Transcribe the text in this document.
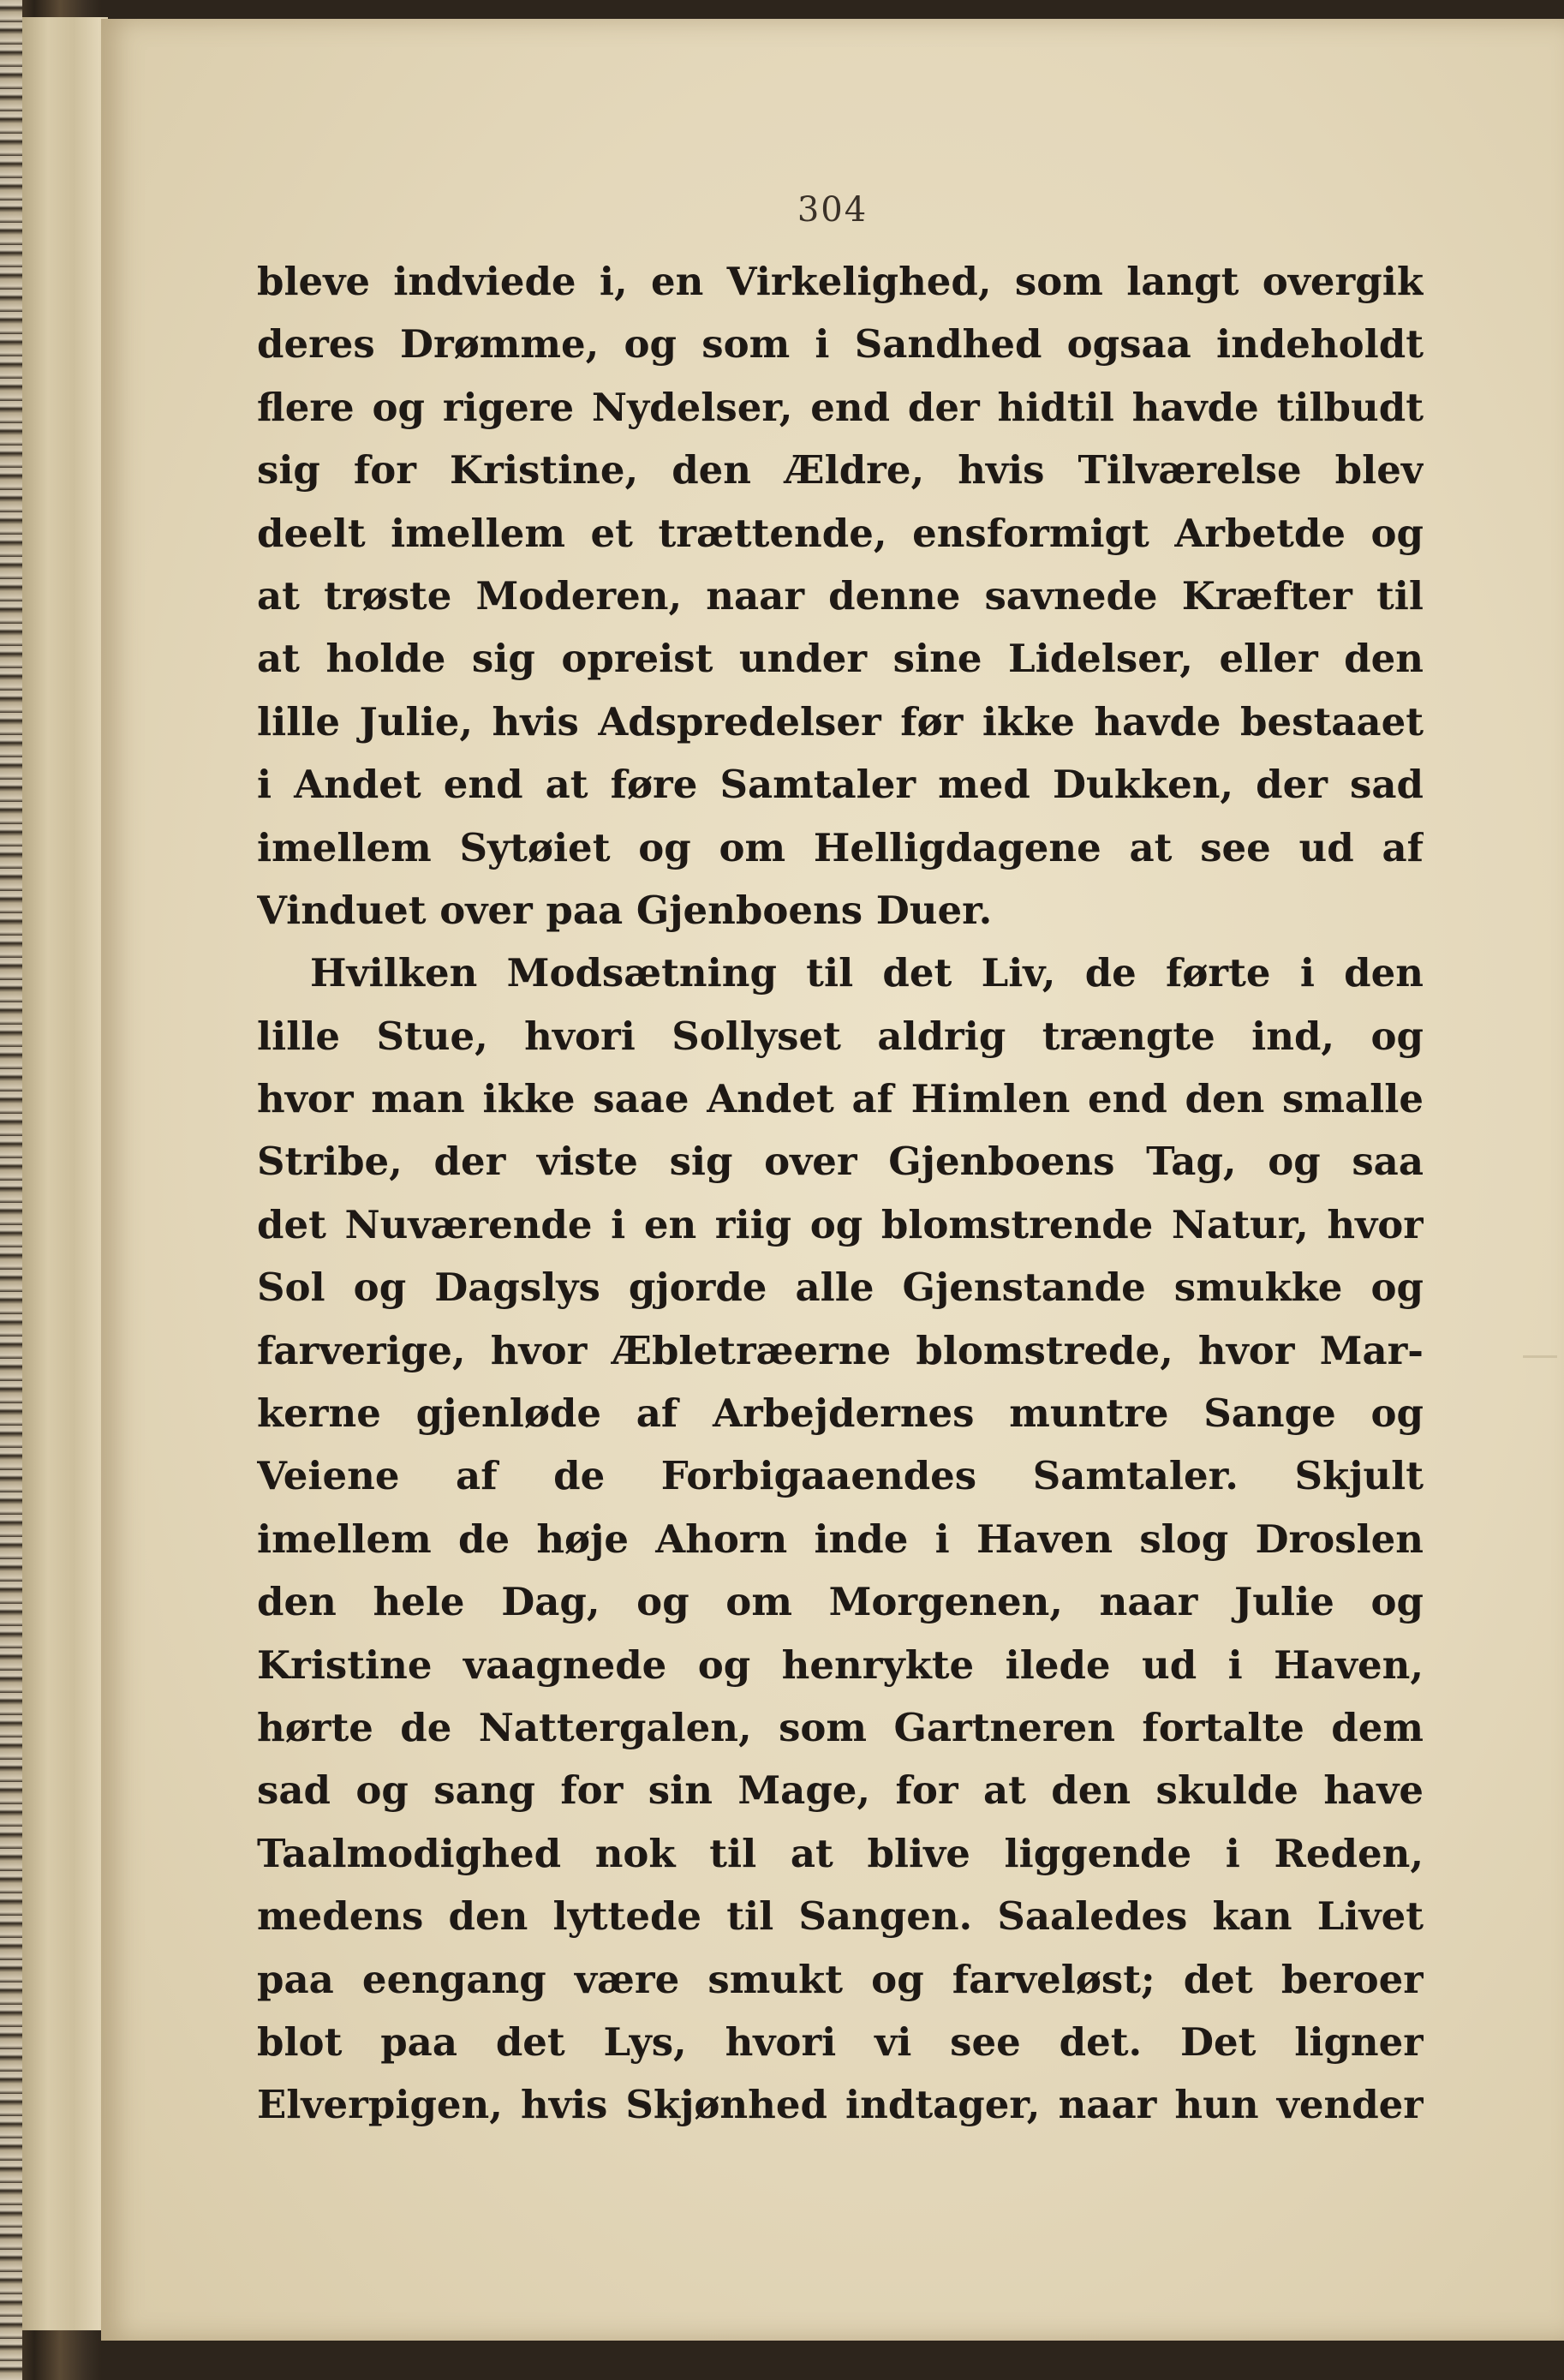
304
bleve indviede i, en Virkelighed, som langt overgik
deres Drømme, og som i Sandhed ogsaa indeholdt
flere og rigere Nydelser, end der hidtil havde tilbudt
sig for Kristine, den Ældre, hvis Tilværelse blev
deelt imellem et trættende, ensformigt Arbetde og
at trøste Moderen, naar denne savnede Kræfter til
at holde sig opreist under sine Lidelser, eller den
lille Julie, hvis Adspredelser før ikke havde bestaaet
i Andet end at føre Samtaler med Dukken, der sad
imellem Sytøiet og om Helligdagene at see ud af
Vinduet over paa Gjenboens Duer.
Hvilken Modsætning til det Liv, de førte i den
lille Stue, hvori Sollyset aldrig trængte ind, og
hvor man ikke saae Andet af Himlen end den smalle
Stribe, der viste sig over Gjenboens Tag, og saa
det Nuværende i en riig og blomstrende Natur, hvor
Sol og Dagslys gjorde alle Gjenstande smukke og
farverige, hvor Æbletræerne blomstrede, hvor Mar-
kerne gjenløde af Arbejdernes muntre Sange og
Veiene af de Forbigaaendes Samtaler. Skjult
imellem de høje Ahorn inde i Haven slog Droslen
den hele Dag, og om Morgenen, naar Julie og
Kristine vaagnede og henrykte ilede ud i Haven,
hørte de Nattergalen, som Gartneren fortalte dem
sad og sang for sin Mage, for at den skulde have
Taalmodighed nok til at blive liggende i Reden,
medens den lyttede til Sangen. Saaledes kan Livet
paa eengang være smukt og farveløst; det beroer
blot paa det Lys, hvori vi see det. Det ligner
Elverpigen, hvis Skjønhed indtager, naar hun vender
